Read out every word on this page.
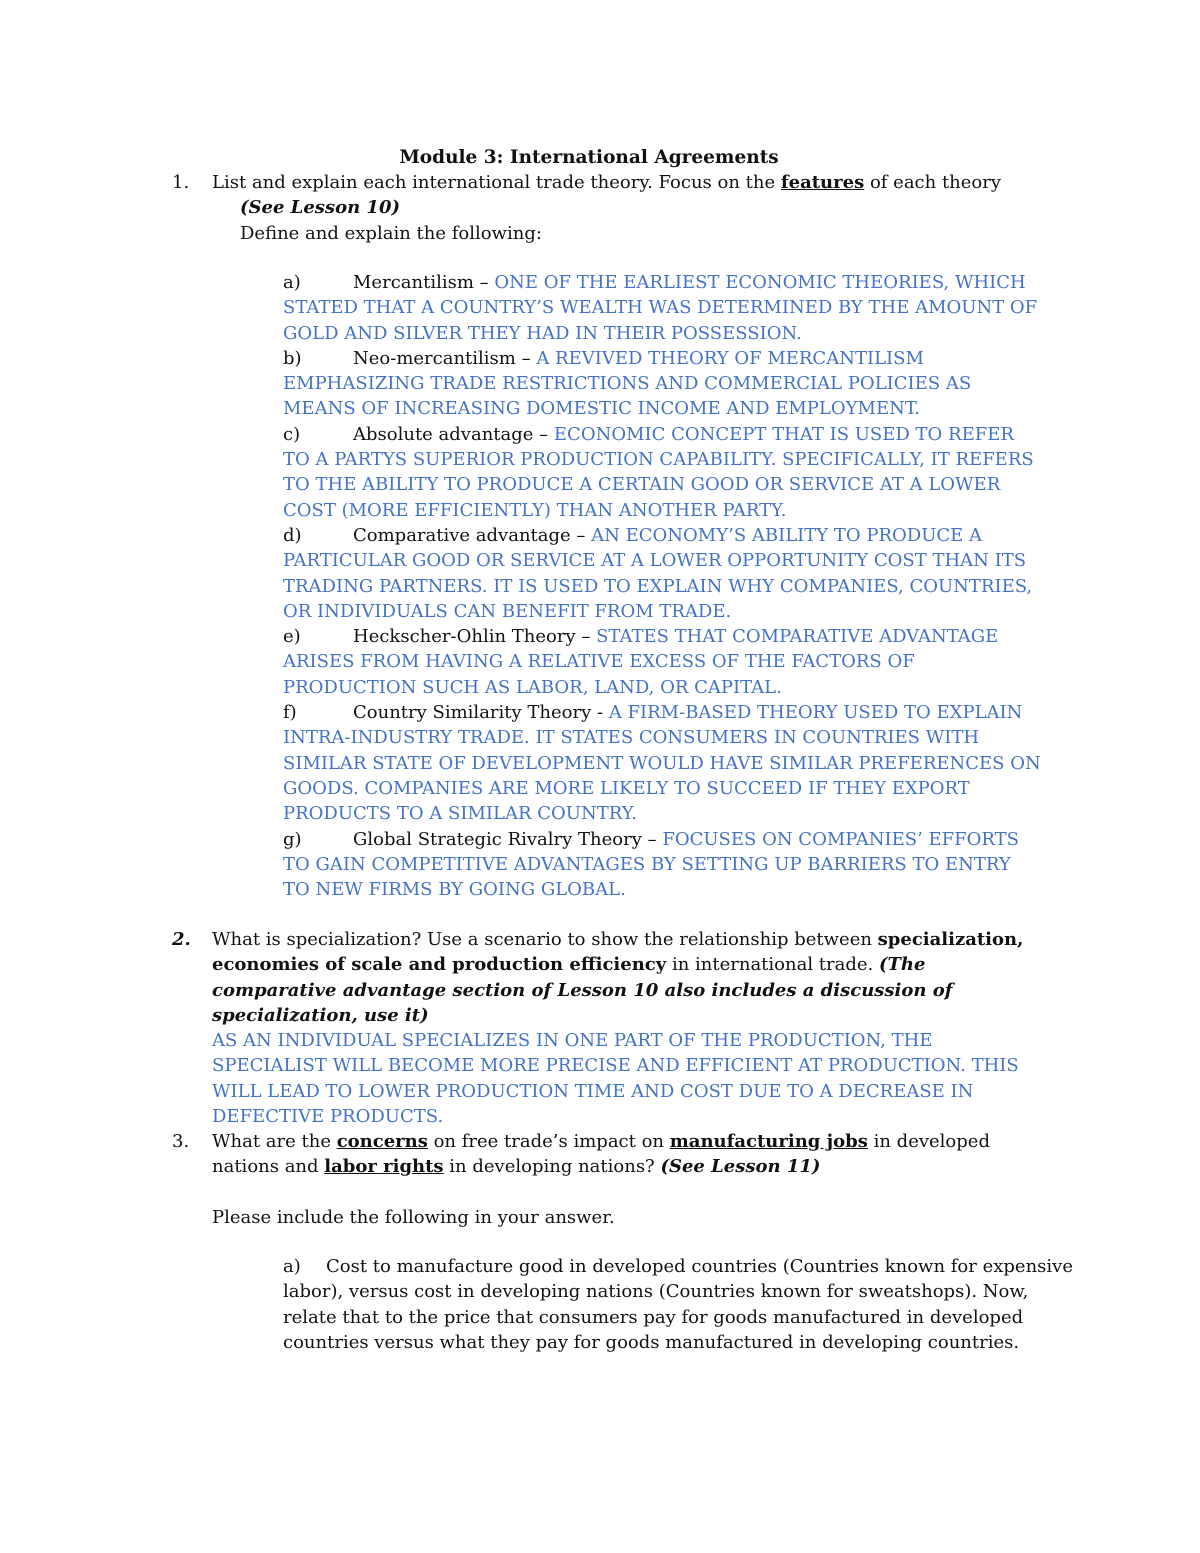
Module 3: International Agreements
1. List and explain each international trade theory. Focus on the features of each theory

(See Lesson 10)

Define and explain the following:

a)	Mercantilism – ONE OF THE EARLIEST ECONOMIC THEORIES, WHICH STATED THAT A COUNTRY’S WEALTH WAS DETERMINED BY THE AMOUNT OF GOLD AND SILVER THEY HAD IN THEIR POSSESSION.

b)	Neo-mercantilism – A REVIVED THEORY OF MERCANTILISM EMPHASIZING TRADE RESTRICTIONS AND COMMERCIAL POLICIES AS MEANS OF INCREASING DOMESTIC INCOME AND EMPLOYMENT.

c)	Absolute advantage – ECONOMIC CONCEPT THAT IS USED TO REFER TO A PARTYS SUPERIOR PRODUCTION CAPABILITY. SPECIFICALLY, IT REFERS TO THE ABILITY TO PRODUCE A CERTAIN GOOD OR SERVICE AT A LOWER COST (MORE EFFICIENTLY) THAN ANOTHER PARTY.

d)	Comparative advantage – AN ECONOMY’S ABILITY TO PRODUCE A PARTICULAR GOOD OR SERVICE AT A LOWER OPPORTUNITY COST THAN ITS TRADING PARTNERS. IT IS USED TO EXPLAIN WHY COMPANIES, COUNTRIES, OR INDIVIDUALS CAN BENEFIT FROM TRADE.

e)	Heckscher-Ohlin Theory – STATES THAT COMPARATIVE ADVANTAGE ARISES FROM HAVING A RELATIVE EXCESS OF THE FACTORS OF PRODUCTION SUCH AS LABOR, LAND, OR CAPITAL.

f)	Country Similarity Theory - A FIRM-BASED THEORY USED TO EXPLAIN INTRA-INDUSTRY TRADE. IT STATES CONSUMERS IN COUNTRIES WITH SIMILAR STATE OF DEVELOPMENT WOULD HAVE SIMILAR PREFERENCES ON GOODS. COMPANIES ARE MORE LIKELY TO SUCCEED IF THEY EXPORT PRODUCTS TO A SIMILAR COUNTRY.

g)	Global Strategic Rivalry Theory – FOCUSES ON COMPANIES’ EFFORTS TO GAIN COMPETITIVE ADVANTAGES BY SETTING UP BARRIERS TO ENTRY TO NEW FIRMS BY GOING GLOBAL.

2. What is specialization? Use a scenario to show the relationship between specialization, economies of scale and production efficiency in international trade. (The comparative advantage section of Lesson 10 also includes a discussion of specialization, use it)

AS AN INDIVIDUAL SPECIALIZES IN ONE PART OF THE PRODUCTION, THE SPECIALIST WILL BECOME MORE PRECISE AND EFFICIENT AT PRODUCTION. THIS WILL LEAD TO LOWER PRODUCTION TIME AND COST DUE TO A DECREASE IN DEFECTIVE PRODUCTS.

3. What are the concerns on free trade’s impact on manufacturing jobs in developed nations and labor rights in developing nations? (See Lesson 11)

Please include the following in your answer.

a) Cost to manufacture good in developed countries (Countries known for expensive labor), versus cost in developing nations (Countries known for sweatshops). Now, relate that to the price that consumers pay for goods manufactured in developed countries versus what they pay for goods manufactured in developing countries.
